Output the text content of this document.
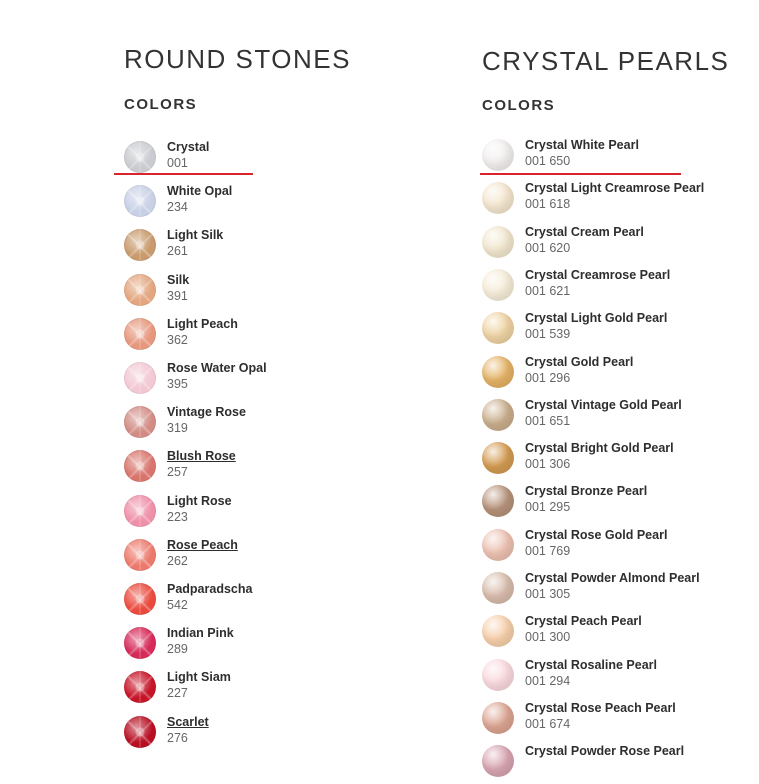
ROUND STONES
COLORS
Crystal
001
White Opal
234
Light Silk
261
Silk
391
Light Peach
362
Rose Water Opal
395
Vintage Rose
319
Blush Rose
257
Light Rose
223
Rose Peach
262
Padparadscha
542
Indian Pink
289
Light Siam
227
Scarlet
276
CRYSTAL PEARLS
COLORS
Crystal White Pearl
001 650
Crystal Light Creamrose Pearl
001 618
Crystal Cream Pearl
001 620
Crystal Creamrose Pearl
001 621
Crystal Light Gold Pearl
001 539
Crystal Gold Pearl
001 296
Crystal Vintage Gold Pearl
001 651
Crystal Bright Gold Pearl
001 306
Crystal Bronze Pearl
001 295
Crystal Rose Gold Pearl
001 769
Crystal Powder Almond Pearl
001 305
Crystal Peach Pearl
001 300
Crystal Rosaline Pearl
001 294
Crystal Rose Peach Pearl
001 674
Crystal Powder Rose Pearl
